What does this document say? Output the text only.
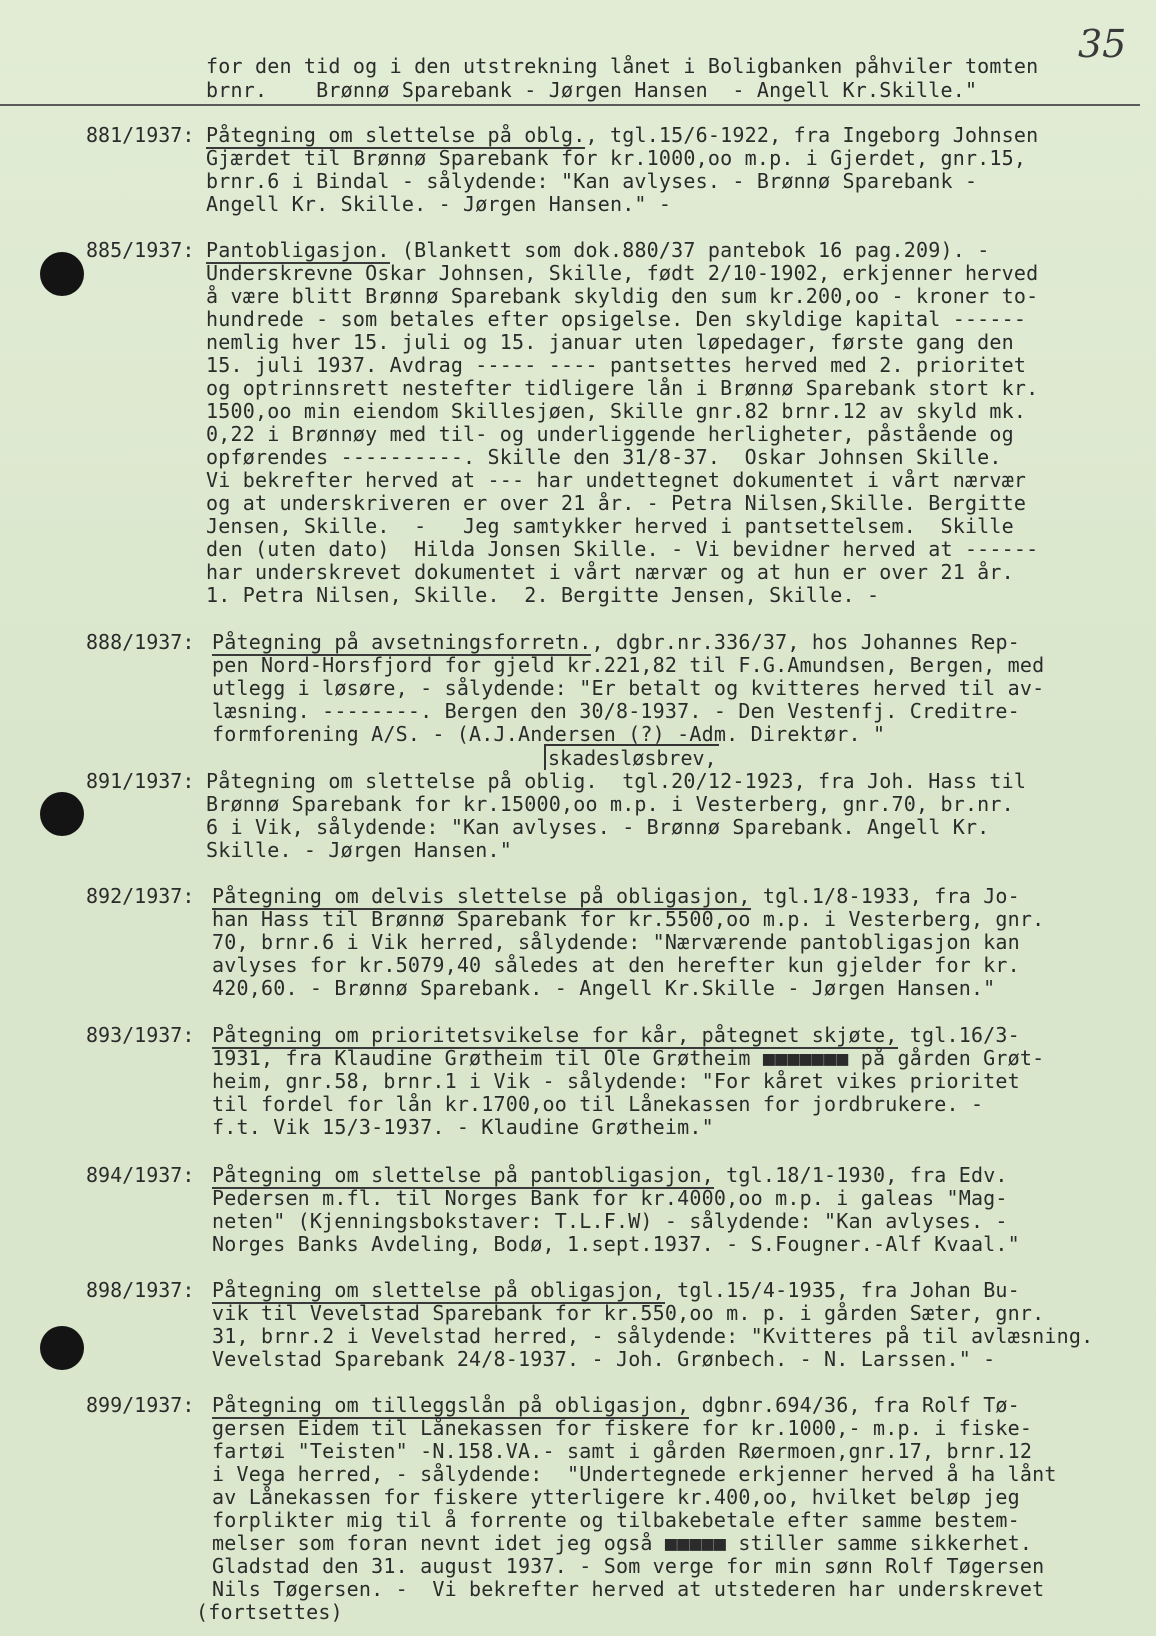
35
for den tid og i den utstrekning lånet i Boligbanken påhviler tomten
brnr.    Brønnø Sparebank - Jørgen Hansen  - Angell Kr.Skille."
881/1937: Påtegning om slettelse på oblg., tgl.15/6-1922, fra Ingeborg Johnsen
Gjærdet til Brønnø Sparebank for kr.1000,oo m.p. i Gjerdet, gnr.15,
brnr.6 i Bindal - sålydende: "Kan avlyses. - Brønnø Sparebank -
Angell Kr. Skille. - Jørgen Hansen." -
885/1937: Pantobligasjon. (Blankett som dok.880/37 pantebok 16 pag.209). -
Underskrevne Oskar Johnsen, Skille, født 2/10-1902, erkjenner herved
å være blitt Brønnø Sparebank skyldig den sum kr.200,oo - kroner to-
hundrede - som betales efter opsigelse. Den skyldige kapital ------
nemlig hver 15. juli og 15. januar uten løpedager, første gang den
15. juli 1937. Avdrag ----- ---- pantsettes herved med 2. prioritet
og optrinnsrett nestefter tidligere lån i Brønnø Sparebank stort kr.
1500,oo min eiendom Skillesjøen, Skille gnr.82 brnr.12 av skyld mk.
0,22 i Brønnøy med til- og underliggende herligheter, påstående og
opførendes ----------. Skille den 31/8-37.  Oskar Johnsen Skille.
Vi bekrefter herved at --- har undettegnet dokumentet i vårt nærvær
og at underskriveren er over 21 år. - Petra Nilsen,Skille. Bergitte
Jensen, Skille.  -   Jeg samtykker herved i pantsettelsem.  Skille
den (uten dato)  Hilda Jonsen Skille. - Vi bevidner herved at ------
har underskrevet dokumentet i vårt nærvær og at hun er over 21 år.
1. Petra Nilsen, Skille.  2. Bergitte Jensen, Skille. -
888/1937: Påtegning på avsetningsforretn., dgbr.nr.336/37, hos Johannes Rep-
pen Nord-Horsfjord for gjeld kr.221,82 til F.G.Amundsen, Bergen, med
utlegg i løsøre, - sålydende: "Er betalt og kvitteres herved til av-
læsning. --------. Bergen den 30/8-1937. - Den Vestenfj. Creditre-
formforening A/S. - (A.J.Andersen (?) -Adm. Direktør. "
skadesløsbrev,
891/1937: Påtegning om slettelse på oblig.  tgl.20/12-1923, fra Joh. Hass til
Brønnø Sparebank for kr.15000,oo m.p. i Vesterberg, gnr.70, br.nr.
6 i Vik, sålydende: "Kan avlyses. - Brønnø Sparebank. Angell Kr.
Skille. - Jørgen Hansen."
892/1937: Påtegning om delvis slettelse på obligasjon, tgl.1/8-1933, fra Jo-
han Hass til Brønnø Sparebank for kr.5500,oo m.p. i Vesterberg, gnr.
70, brnr.6 i Vik herred, sålydende: "Nærværende pantobligasjon kan
avlyses for kr.5079,40 således at den herefter kun gjelder for kr.
420,60. - Brønnø Sparebank. - Angell Kr.Skille - Jørgen Hansen."
893/1937: Påtegning om prioritetsvikelse for kår, påtegnet skjøte, tgl.16/3-
1931, fra Klaudine Grøtheim til Ole Grøtheim ■■■■■■■ på gården Grøt-
heim, gnr.58, brnr.1 i Vik - sålydende: "For kåret vikes prioritet
til fordel for lån kr.1700,oo til Lånekassen for jordbrukere. -
f.t. Vik 15/3-1937. - Klaudine Grøtheim."
894/1937: Påtegning om slettelse på pantobligasjon, tgl.18/1-1930, fra Edv.
Pedersen m.fl. til Norges Bank for kr.4000,oo m.p. i galeas "Mag-
neten" (Kjenningsbokstaver: T.L.F.W) - sålydende: "Kan avlyses. -
Norges Banks Avdeling, Bodø, 1.sept.1937. - S.Fougner.-Alf Kvaal."
898/1937: Påtegning om slettelse på obligasjon, tgl.15/4-1935, fra Johan Bu-
vik til Vevelstad Sparebank for kr.550,oo m. p. i gården Sæter, gnr.
31, brnr.2 i Vevelstad herred, - sålydende: "Kvitteres på til avlæsning.
Vevelstad Sparebank 24/8-1937. - Joh. Grønbech. - N. Larssen." -
899/1937: Påtegning om tilleggslån på obligasjon, dgbnr.694/36, fra Rolf Tø-
gersen Eidem til Lånekassen for fiskere for kr.1000,- m.p. i fiske-
fartøi "Teisten" -N.158.VA.- samt i gården Røermoen,gnr.17, brnr.12
i Vega herred, - sålydende:  "Undertegnede erkjenner herved å ha lånt
av Lånekassen for fiskere ytterligere kr.400,oo, hvilket beløp jeg
forplikter mig til å forrente og tilbakebetale efter samme bestem-
melser som foran nevnt idet jeg også ■■■■■ stiller samme sikkerhet.
Gladstad den 31. august 1937. - Som verge for min sønn Rolf Tøgersen
Nils Tøgersen. -  Vi bekrefter herved at utstederen har underskrevet
(fortsettes)
